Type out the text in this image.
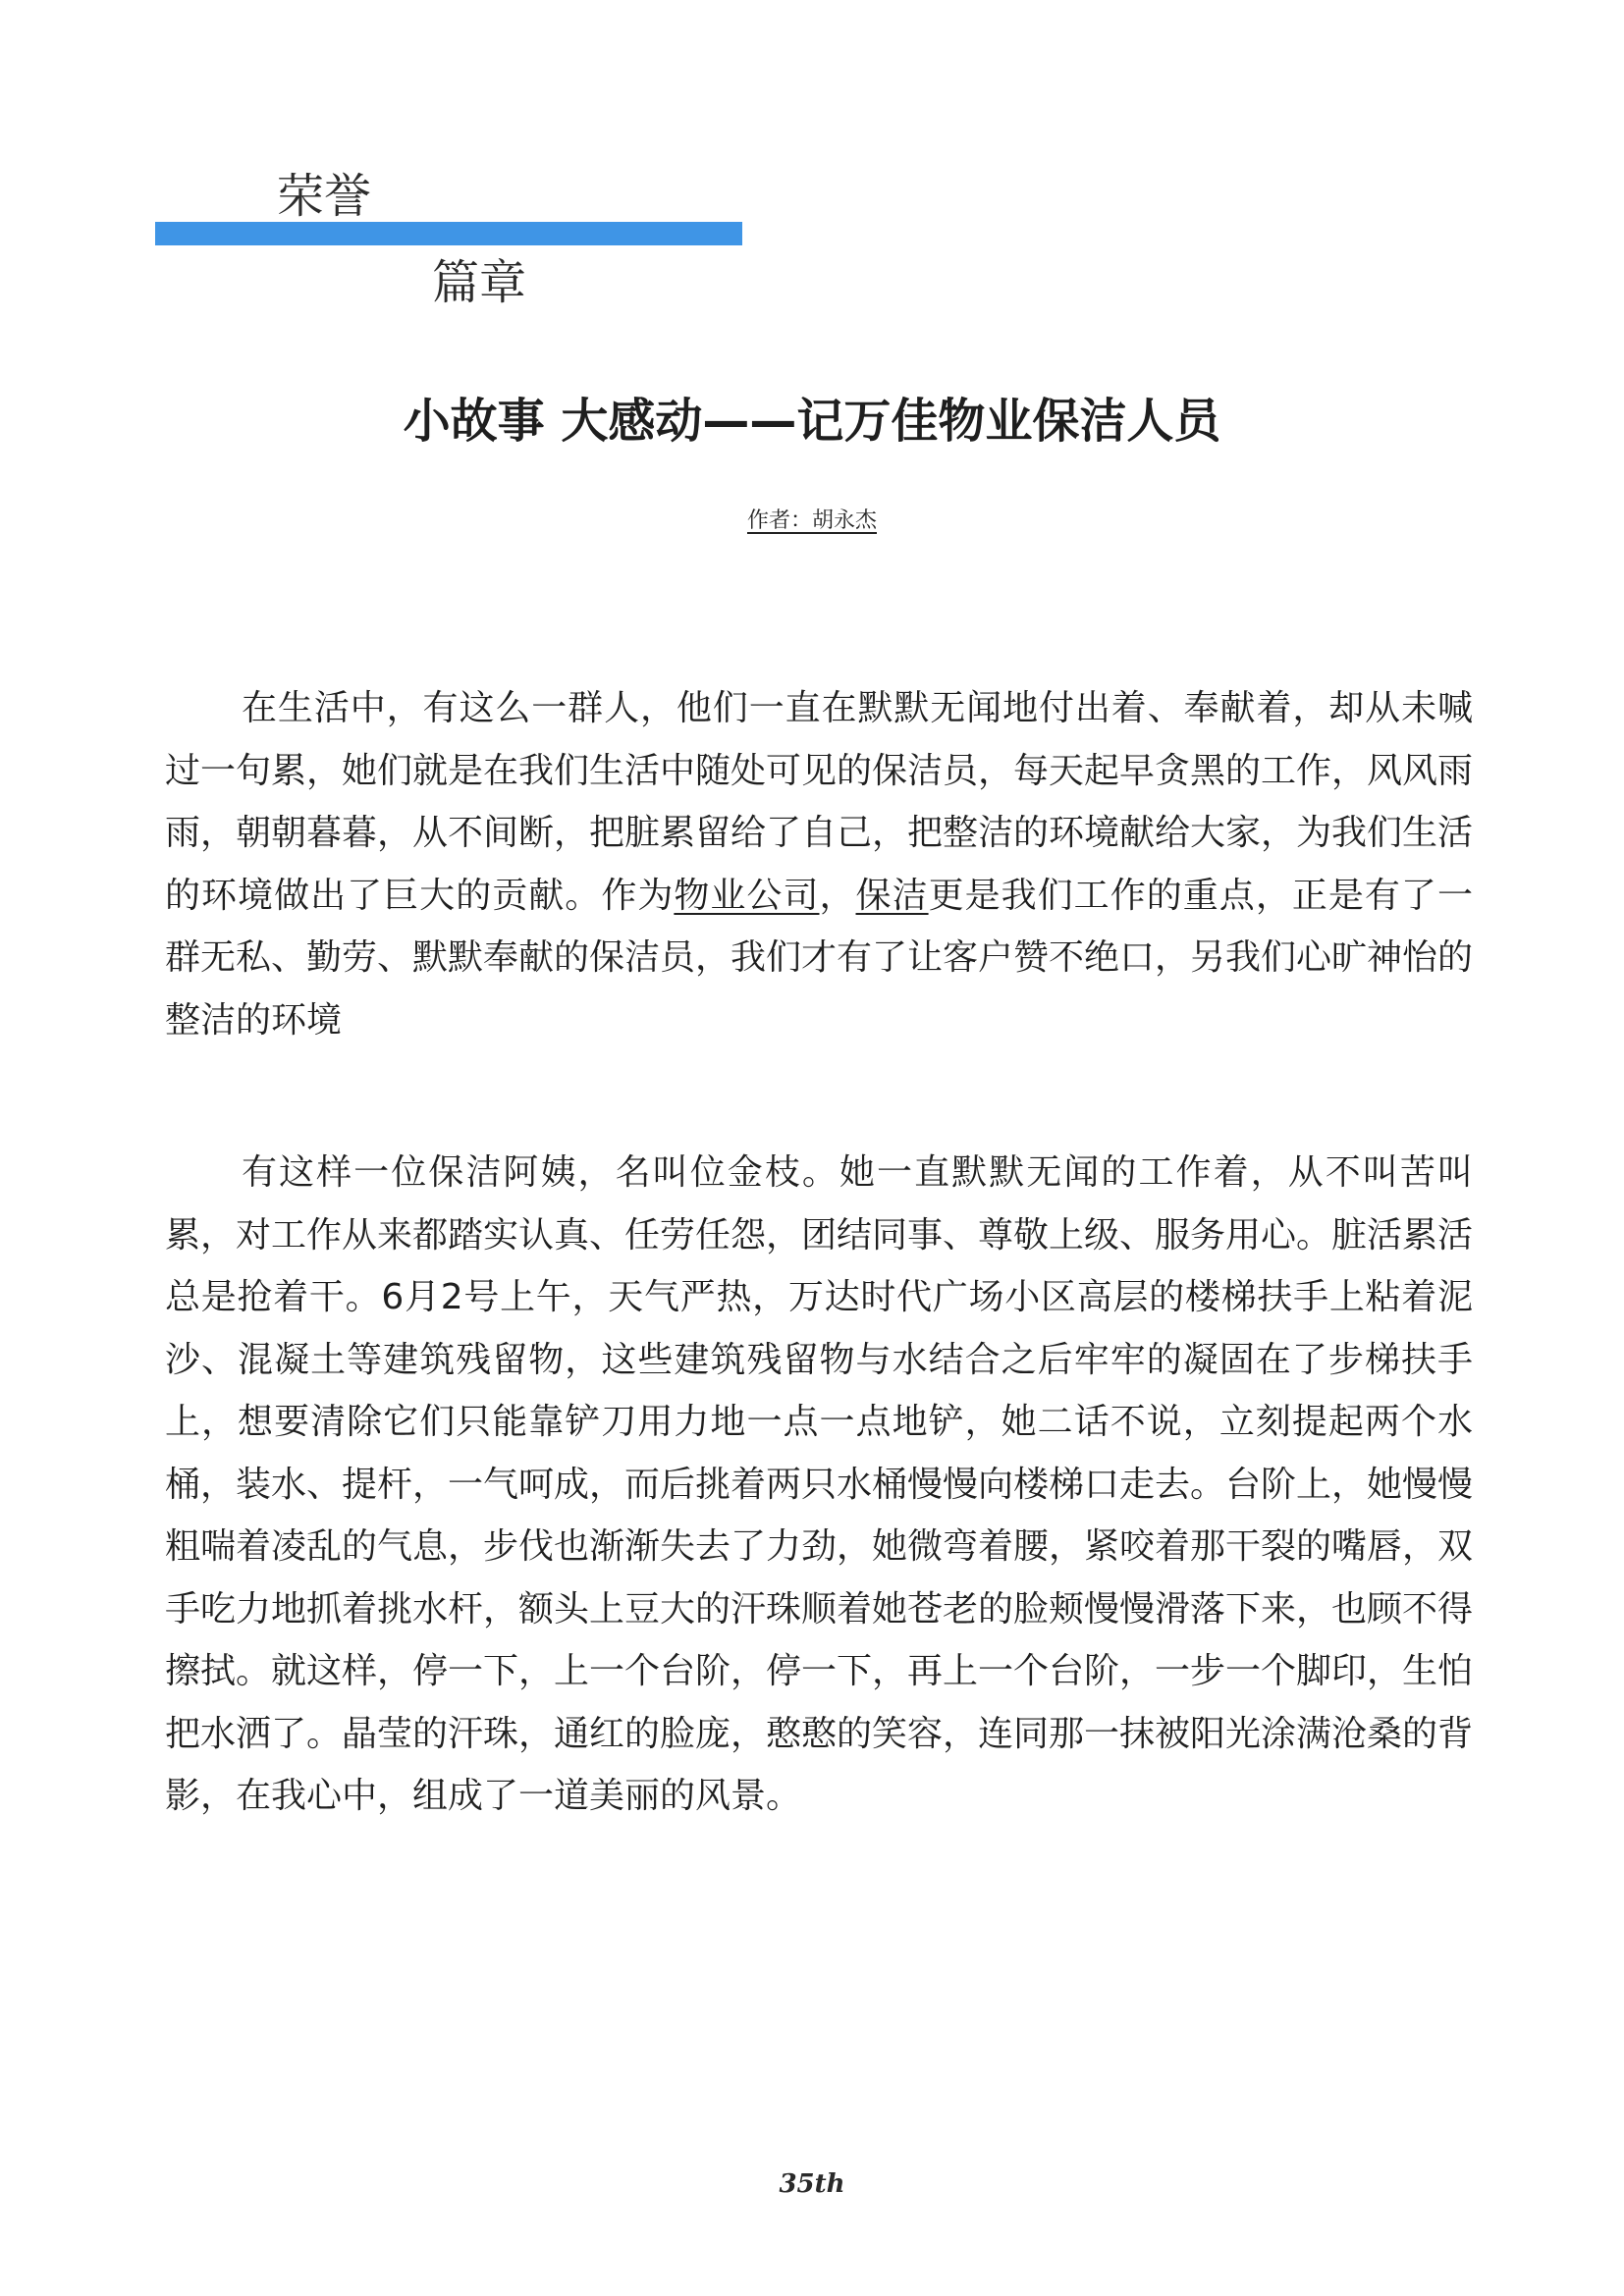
荣誉
篇章
小故事 大感动——记万佳物业保洁人员
作者：胡永杰

在生活中，有这么一群人，他们一直在默默无闻地付出着、奉献着，却从未喊过一句累，她们就是在我们生活中随处可见的保洁员，每天起早贪黑的工作，风风雨雨，朝朝暮暮，从不间断，把脏累留给了自己，把整洁的环境献给大家，为我们生活的环境做出了巨大的贡献。作为物业公司，保洁更是我们工作的重点，正是有了一群无私、勤劳、默默奉献的保洁员，我们才有了让客户赞不绝口，另我们心旷神怡的整洁的环境

有这样一位保洁阿姨，名叫位金枝。她一直默默无闻的工作着，从不叫苦叫累，对工作从来都踏实认真、任劳任怨，团结同事、尊敬上级、服务用心。脏活累活总是抢着干。6月2号上午，天气严热，万达时代广场小区高层的楼梯扶手上粘着泥沙、混凝土等建筑残留物，这些建筑残留物与水结合之后牢牢的凝固在了步梯扶手上，想要清除它们只能靠铲刀用力地一点一点地铲，她二话不说，立刻提起两个水桶，装水、提杆，一气呵成，而后挑着两只水桶慢慢向楼梯口走去。台阶上，她慢慢粗喘着凌乱的气息，步伐也渐渐失去了力劲，她微弯着腰，紧咬着那干裂的嘴唇，双手吃力地抓着挑水杆，额头上豆大的汗珠顺着她苍老的脸颊慢慢滑落下来，也顾不得擦拭。就这样，停一下，上一个台阶，停一下，再上一个台阶，一步一个脚印，生怕把水洒了。晶莹的汗珠，通红的脸庞，憨憨的笑容，连同那一抹被阳光涂满沧桑的背影，在我心中，组成了一道美丽的风景。

35th
